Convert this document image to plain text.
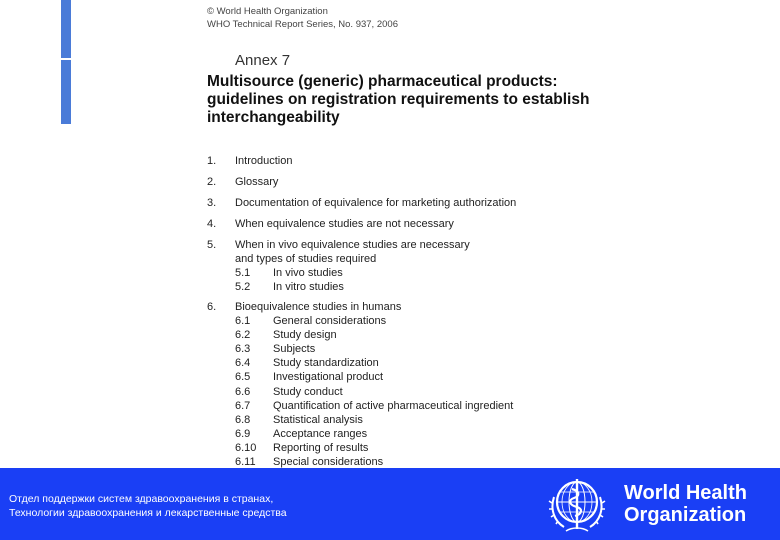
© World Health Organization
WHO Technical Report Series, No. 937, 2006
Annex 7
Multisource (generic) pharmaceutical products:
guidelines on registration requirements to establish
interchangeability
1.	Introduction
2.	Glossary
3.	Documentation of equivalence for marketing authorization
4.	When equivalence studies are not necessary
5.	When in vivo equivalence studies are necessary
and types of studies required
5.1	In vivo studies
5.2	In vitro studies
6.	Bioequivalence studies in humans
6.1	General considerations
6.2	Study design
6.3	Subjects
6.4	Study standardization
6.5	Investigational product
6.6	Study conduct
6.7	Quantification of active pharmaceutical ingredient
6.8	Statistical analysis
6.9	Acceptance ranges
6.10	Reporting of results
6.11	Special considerations
Отдел поддержки систем здравоохранения в странах,
Технологии здравоохранения и лекарственные средства
World Health
Organization
